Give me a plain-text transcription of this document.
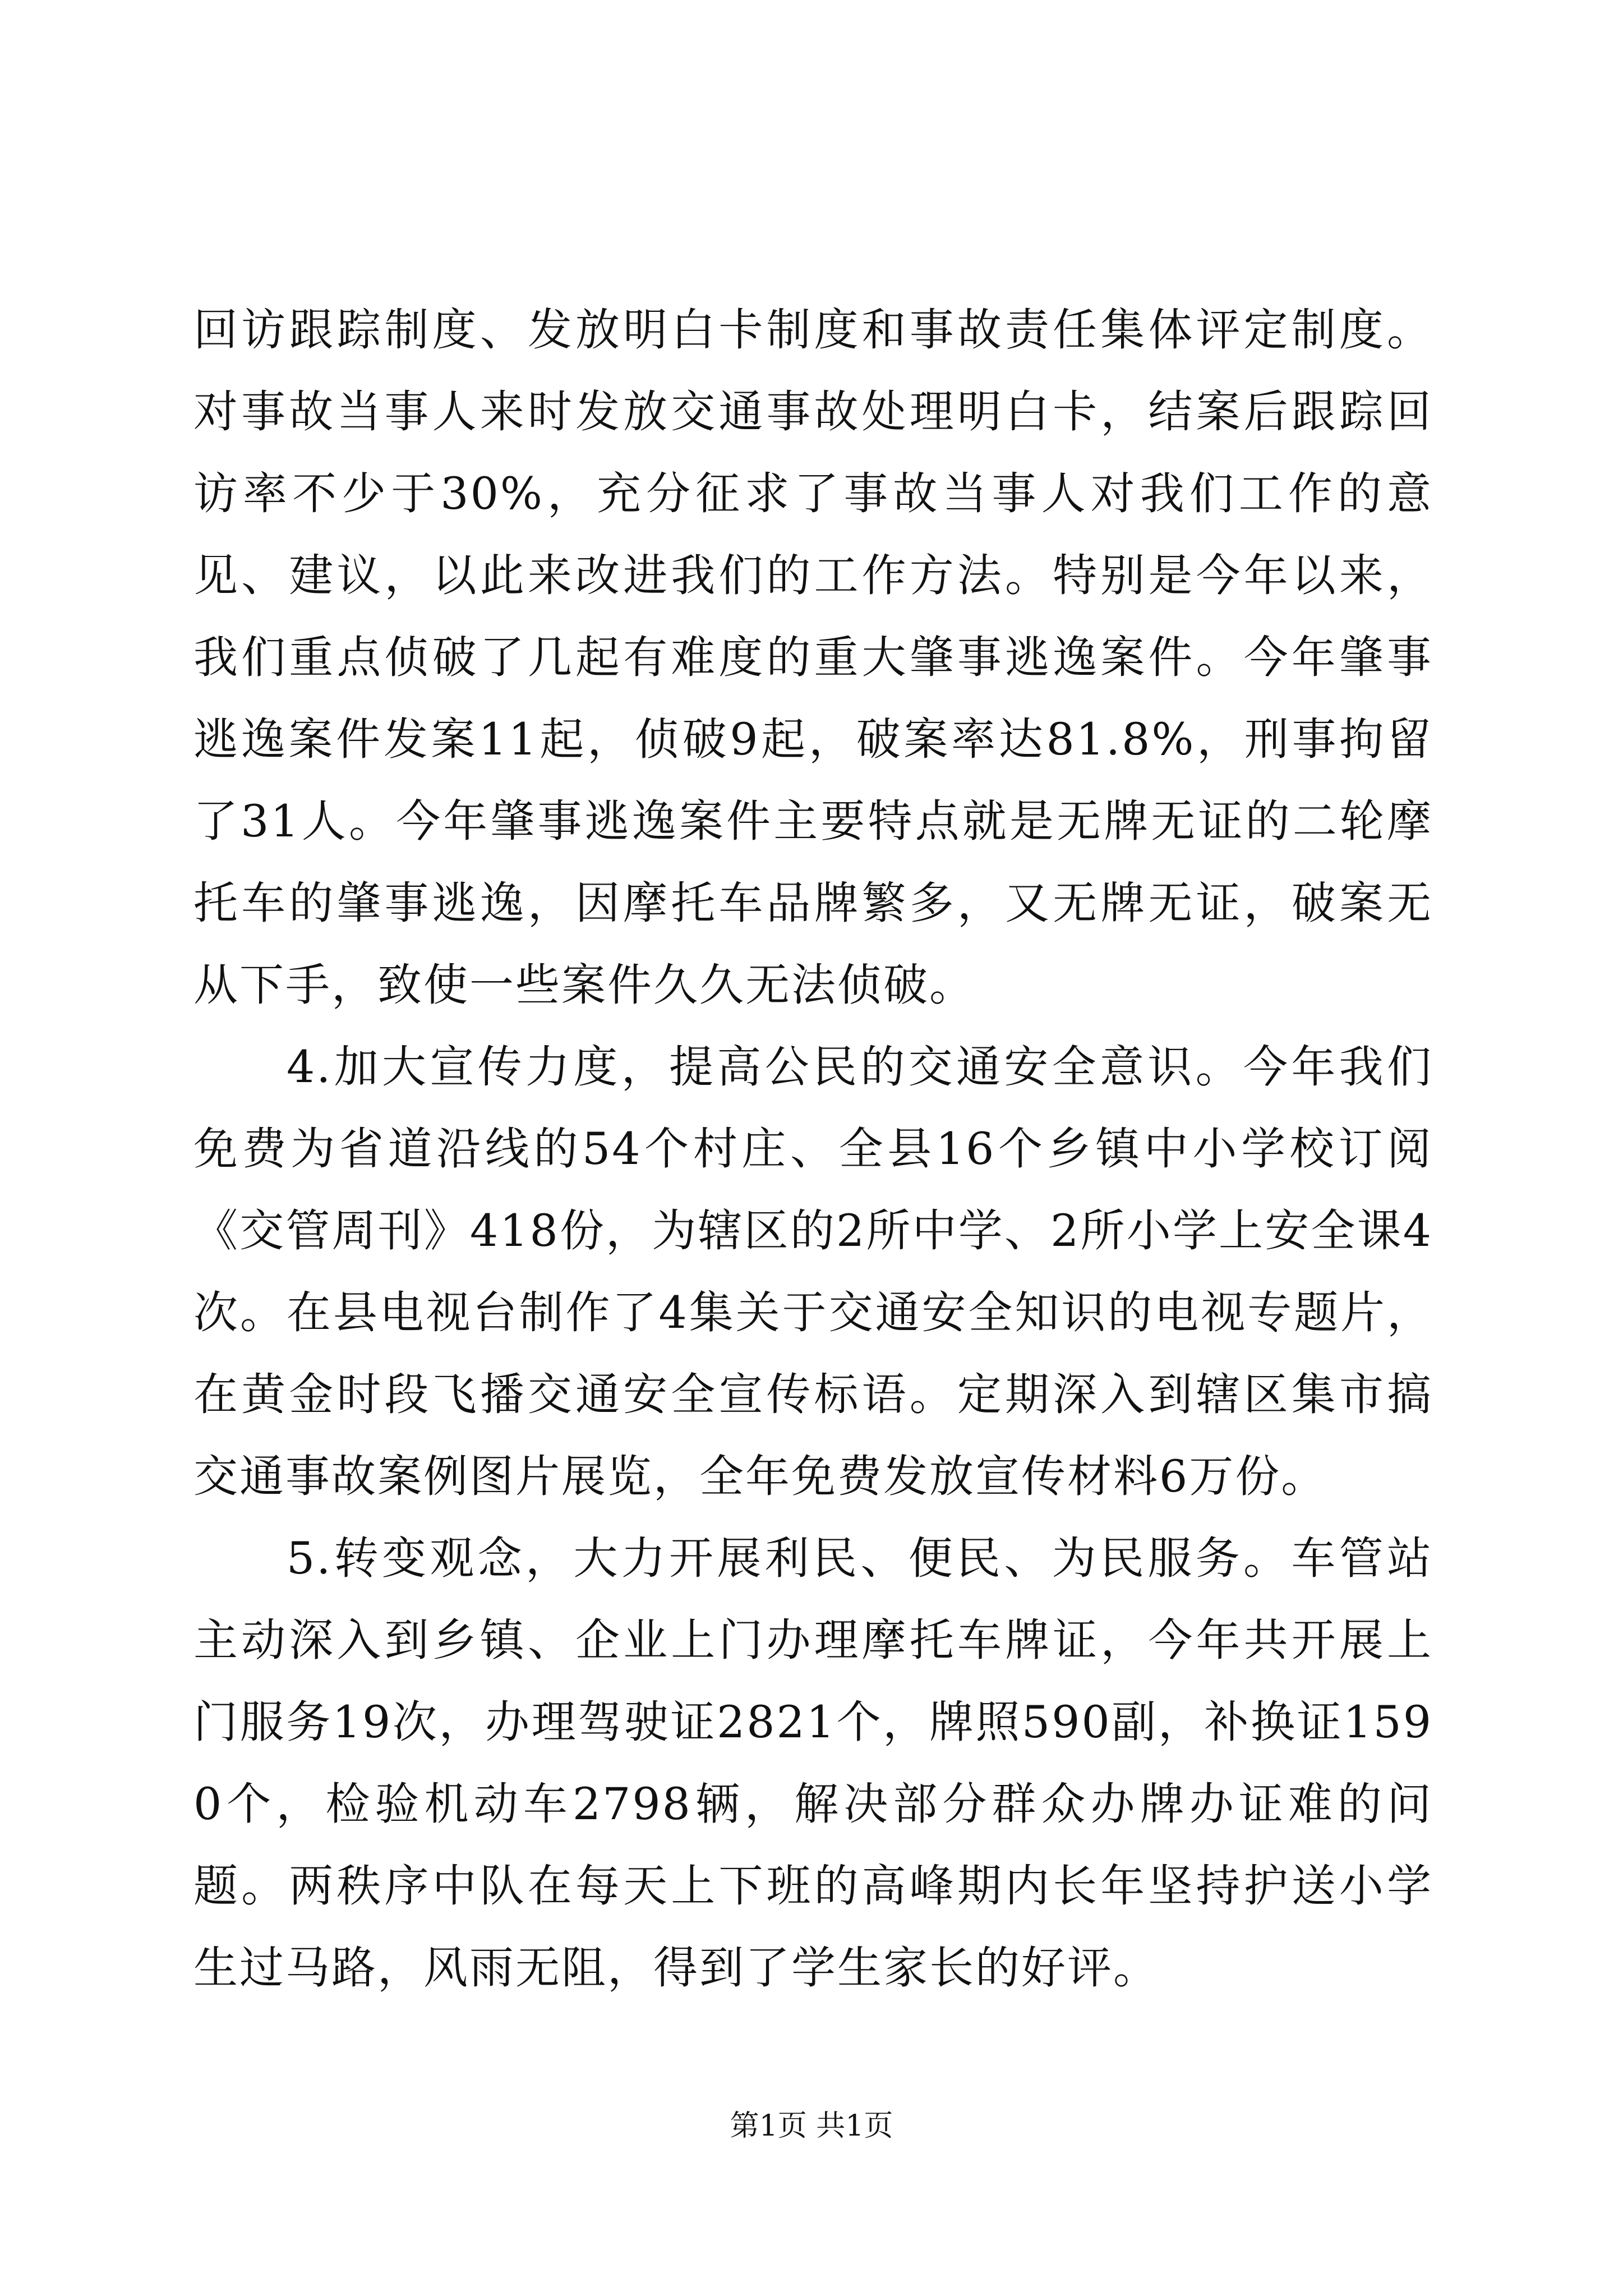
回访跟踪制度、发放明白卡制度和事故责任集体评定制度。对事故当事人来时发放交通事故处理明白卡，结案后跟踪回访率不少于30%，充分征求了事故当事人对我们工作的意见、建议，以此来改进我们的工作方法。特别是今年以来，我们重点侦破了几起有难度的重大肇事逃逸案件。今年肇事逃逸案件发案11起，侦破9起，破案率达81.8%，刑事拘留了31人。今年肇事逃逸案件主要特点就是无牌无证的二轮摩托车的肇事逃逸，因摩托车品牌繁多，又无牌无证，破案无从下手，致使一些案件久久无法侦破。

4.加大宣传力度，提高公民的交通安全意识。今年我们免费为省道沿线的54个村庄、全县16个乡镇中小学校订阅《交管周刊》418份，为辖区的2所中学、2所小学上安全课4次。在县电视台制作了4集关于交通安全知识的电视专题片，在黄金时段飞播交通安全宣传标语。定期深入到辖区集市搞交通事故案例图片展览，全年免费发放宣传材料6万份。

5.转变观念，大力开展利民、便民、为民服务。车管站主动深入到乡镇、企业上门办理摩托车牌证，今年共开展上门服务19次，办理驾驶证2821个，牌照590副，补换证1590个，检验机动车2798辆，解决部分群众办牌办证难的问题。两秩序中队在每天上下班的高峰期内长年坚持护送小学生过马路，风雨无阻，得到了学生家长的好评。

第1页 共1页
